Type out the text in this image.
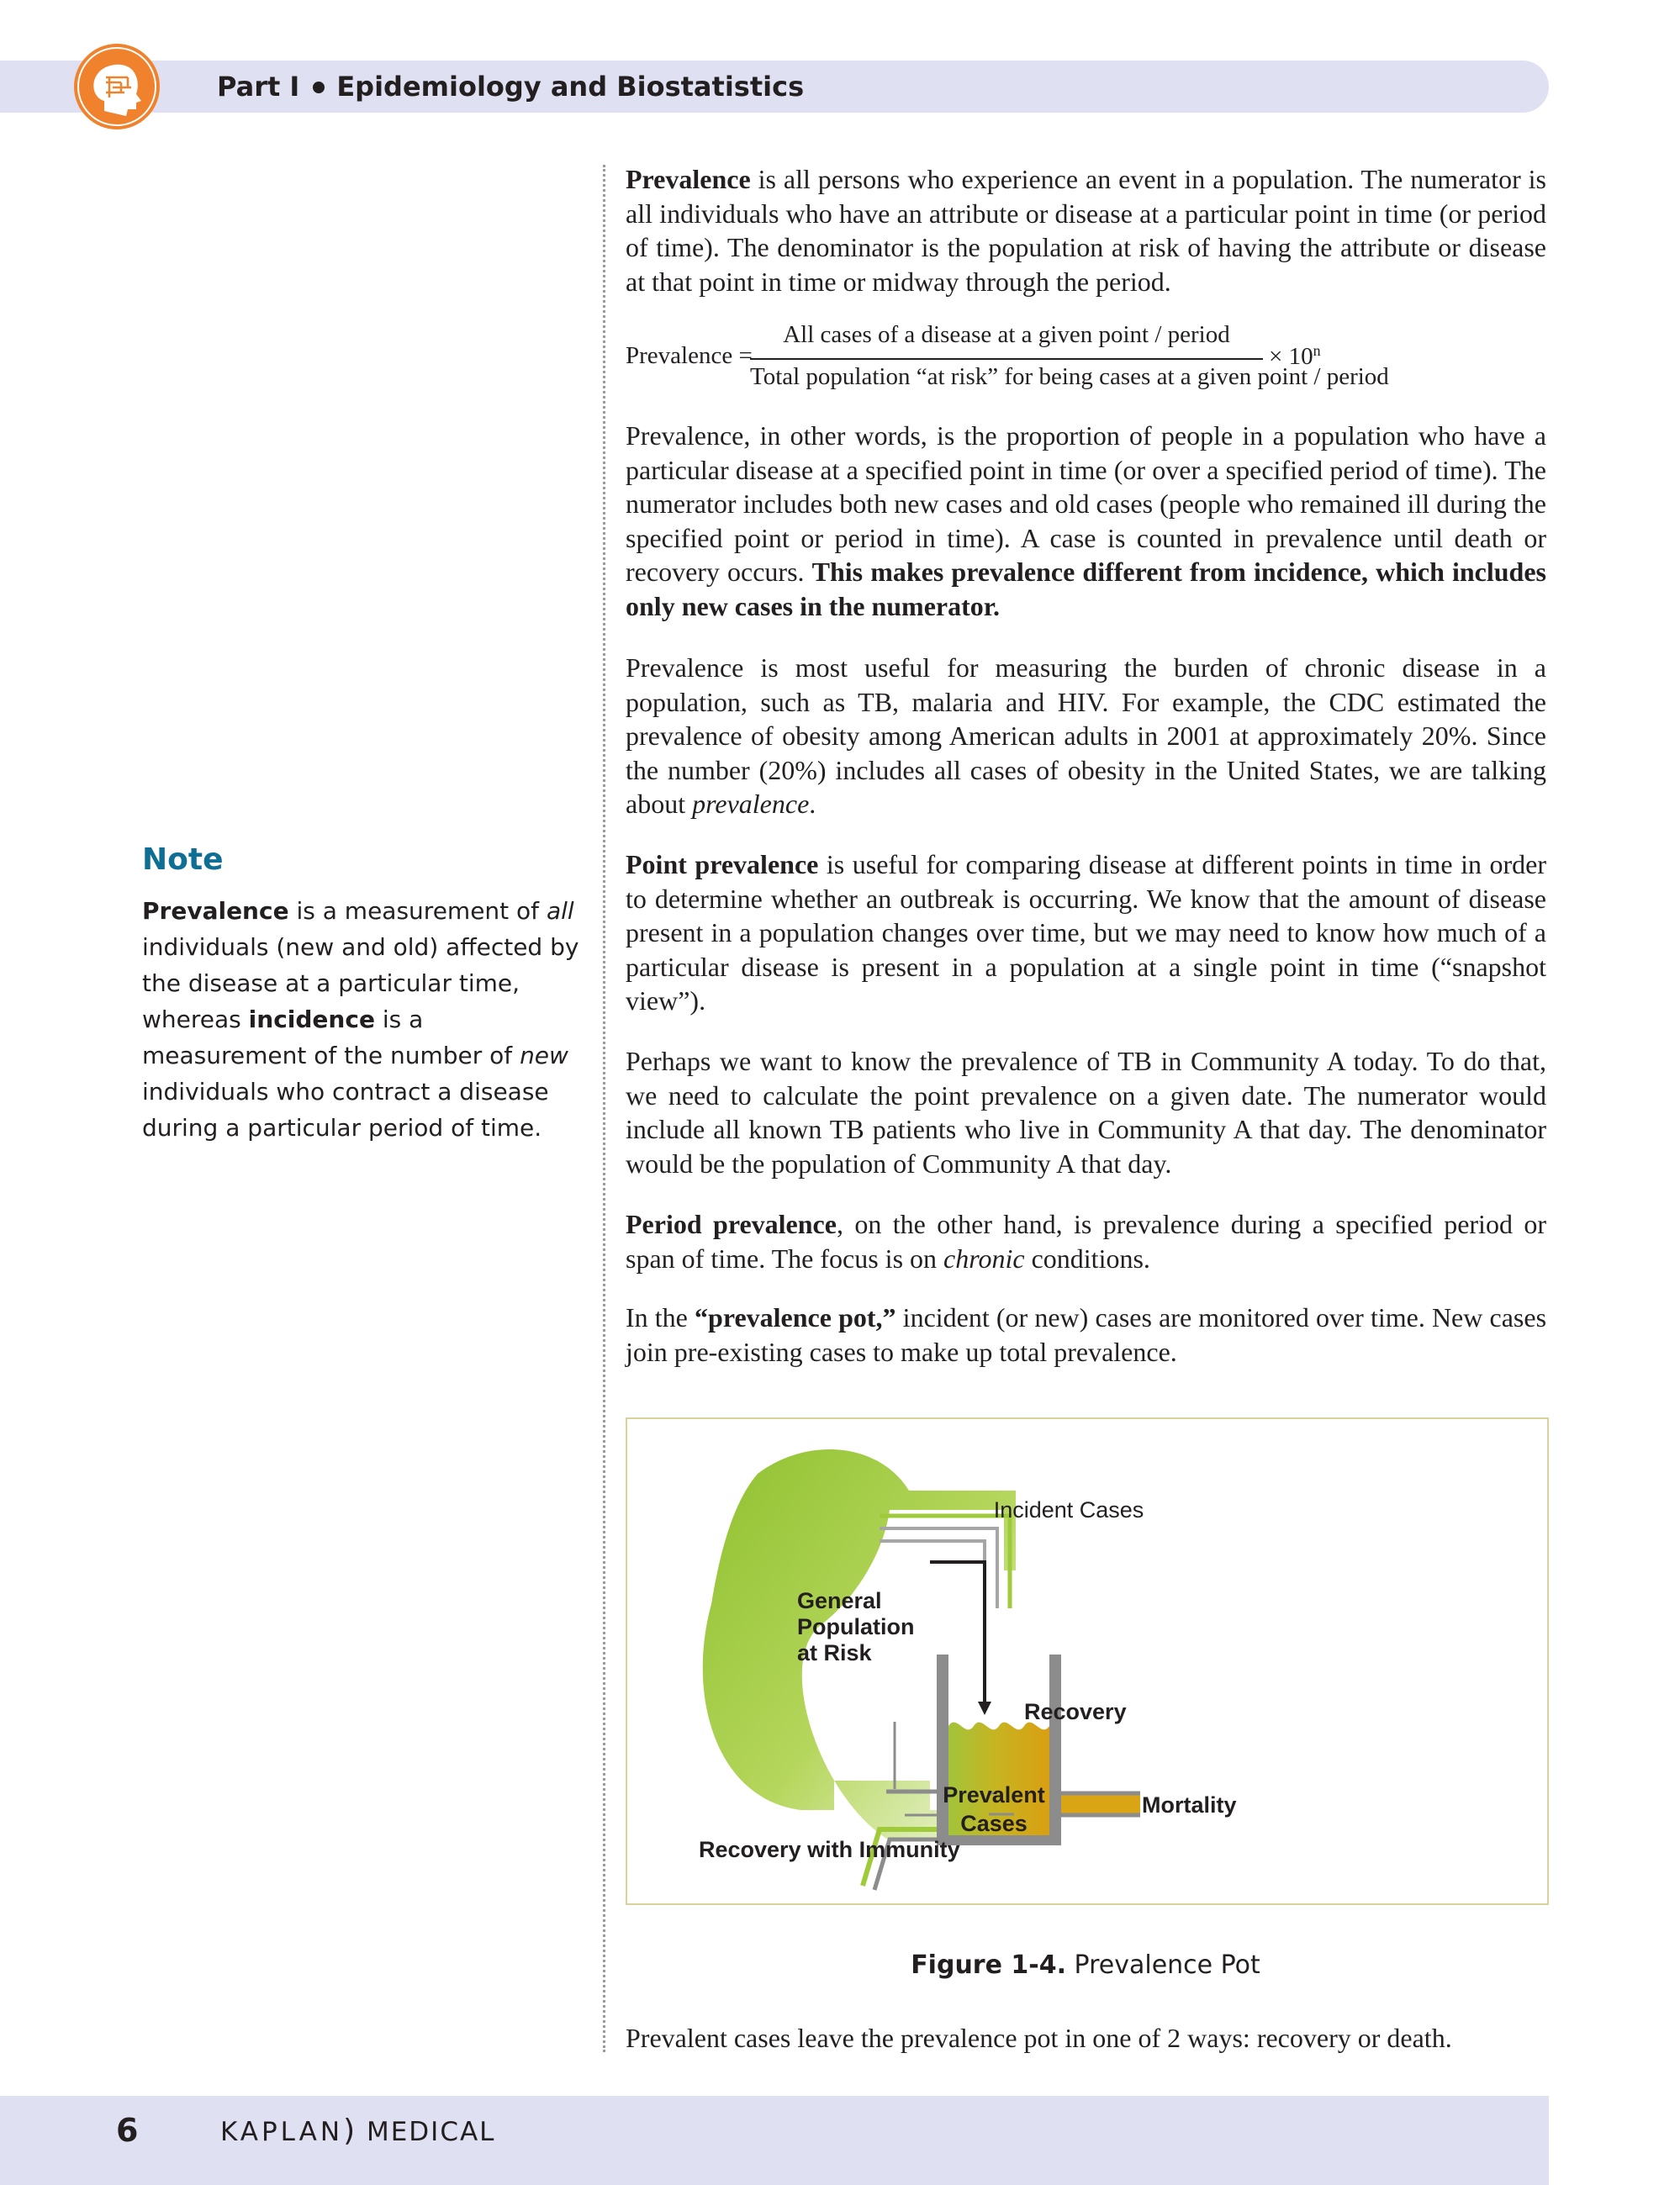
Part I Epidemiology and Biostatistics

Prevalence is all persons who experience an event in a population. The numerator is all individuals who have an attribute or disease at a particular point in time (or period of time). The denominator is the population at risk of having the attribute or disease at that point in time or midway through the period.

Prevalence =
All cases of a disease at a given point / period
Total population “at risk” for being cases at a given point / period
× $10^n$

Prevalence, in other words, is the proportion of people in a population who have a particular disease at a specified point in time (or over a specified period of time). The numerator includes both new cases and old cases (people who remained ill during the specified point or period in time). A case is counted in prevalence until death or recovery occurs. This makes prevalence different from incidence, which includes only new cases in the numerator.

Prevalence is most useful for measuring the burden of chronic disease in a population, such as TB, malaria and HIV. For example, the CDC estimated the prevalence of obesity among American adults in 2001 at approximately 20%. Since the number (20%) includes all cases of obesity in the United States, we are talking about prevalence.

Point prevalence is useful for comparing disease at different points in time in order to determine whether an outbreak is occurring. We know that the amount of disease present in a population changes over time, but we may need to know how much of a particular disease is present in a population at a single point in time (“snapshot view”).

Perhaps we want to know the prevalence of TB in Community A today. To do that, we need to calculate the point prevalence on a given date. The numerator would include all known TB patients who live in Community A that day. The denominator would be the population of Community A that day.

Period prevalence, on the other hand, is prevalence during a specified period or span of time. The focus is on chronic conditions.

In the “prevalence pot,” incident (or new) cases are monitored over time. New cases join pre-existing cases to make up total prevalence.

Note

Prevalence is a measurement of all individuals (new and old) affected by the disease at a particular time, whereas incidence is a measurement of the number of new individuals who contract a disease during a particular period of time.

Incident Cases
General
Population
at Risk
Recovery
Prevalent
Cases
Mortality
Recovery with Immunity
Figure 1-4. Prevalence Pot

Prevalent cases leave the prevalence pot in one of 2 ways: recovery or death.

6	KAPLAN) MEDICAL
